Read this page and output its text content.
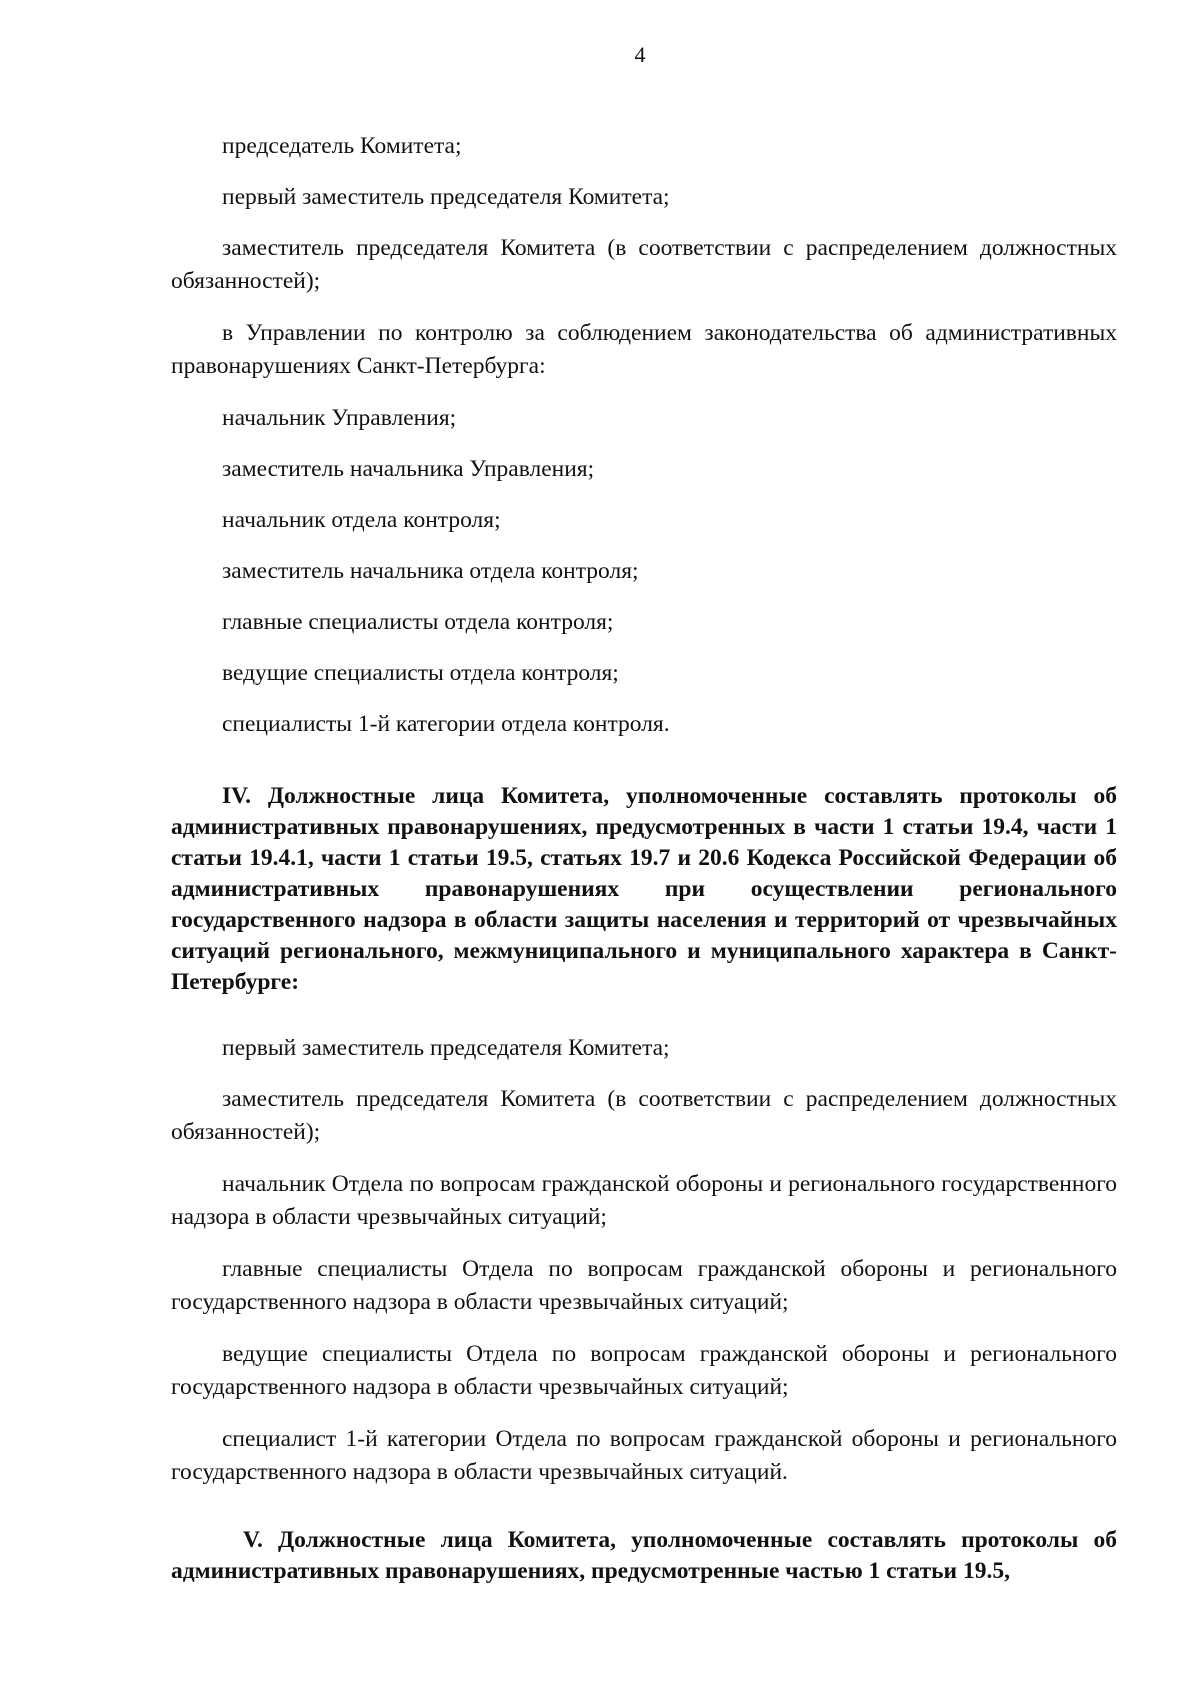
4

председатель Комитета;

первый заместитель председателя Комитета;

заместитель председателя Комитета (в соответствии с распределением должностных обязанностей);

в Управлении по контролю за соблюдением законодательства об административных правонарушениях Санкт-Петербурга:

начальник Управления;

заместитель начальника Управления;

начальник отдела контроля;

заместитель начальника отдела контроля;

главные специалисты отдела контроля;

ведущие специалисты отдела контроля;

специалисты 1-й категории отдела контроля.

IV. Должностные лица Комитета, уполномоченные составлять протоколы об административных правонарушениях, предусмотренных в части 1 статьи 19.4, части 1 статьи 19.4.1, части 1 статьи 19.5, статьях 19.7 и 20.6 Кодекса Российской Федерации об административных правонарушениях при осуществлении регионального государственного надзора в области защиты населения и территорий от чрезвычайных ситуаций регионального, межмуниципального и муниципального характера в Санкт-Петербурге:

первый заместитель председателя Комитета;

заместитель председателя Комитета (в соответствии с распределением должностных обязанностей);

начальник Отдела по вопросам гражданской обороны и регионального государственного надзора в области чрезвычайных ситуаций;

главные специалисты Отдела по вопросам гражданской обороны и регионального государственного надзора в области чрезвычайных ситуаций;

ведущие специалисты Отдела по вопросам гражданской обороны и регионального государственного надзора в области чрезвычайных ситуаций;

специалист 1-й категории Отдела по вопросам гражданской обороны и регионального государственного надзора в области чрезвычайных ситуаций.

V. Должностные лица Комитета, уполномоченные составлять протоколы об административных правонарушениях, предусмотренные частью 1 статьи 19.5,
